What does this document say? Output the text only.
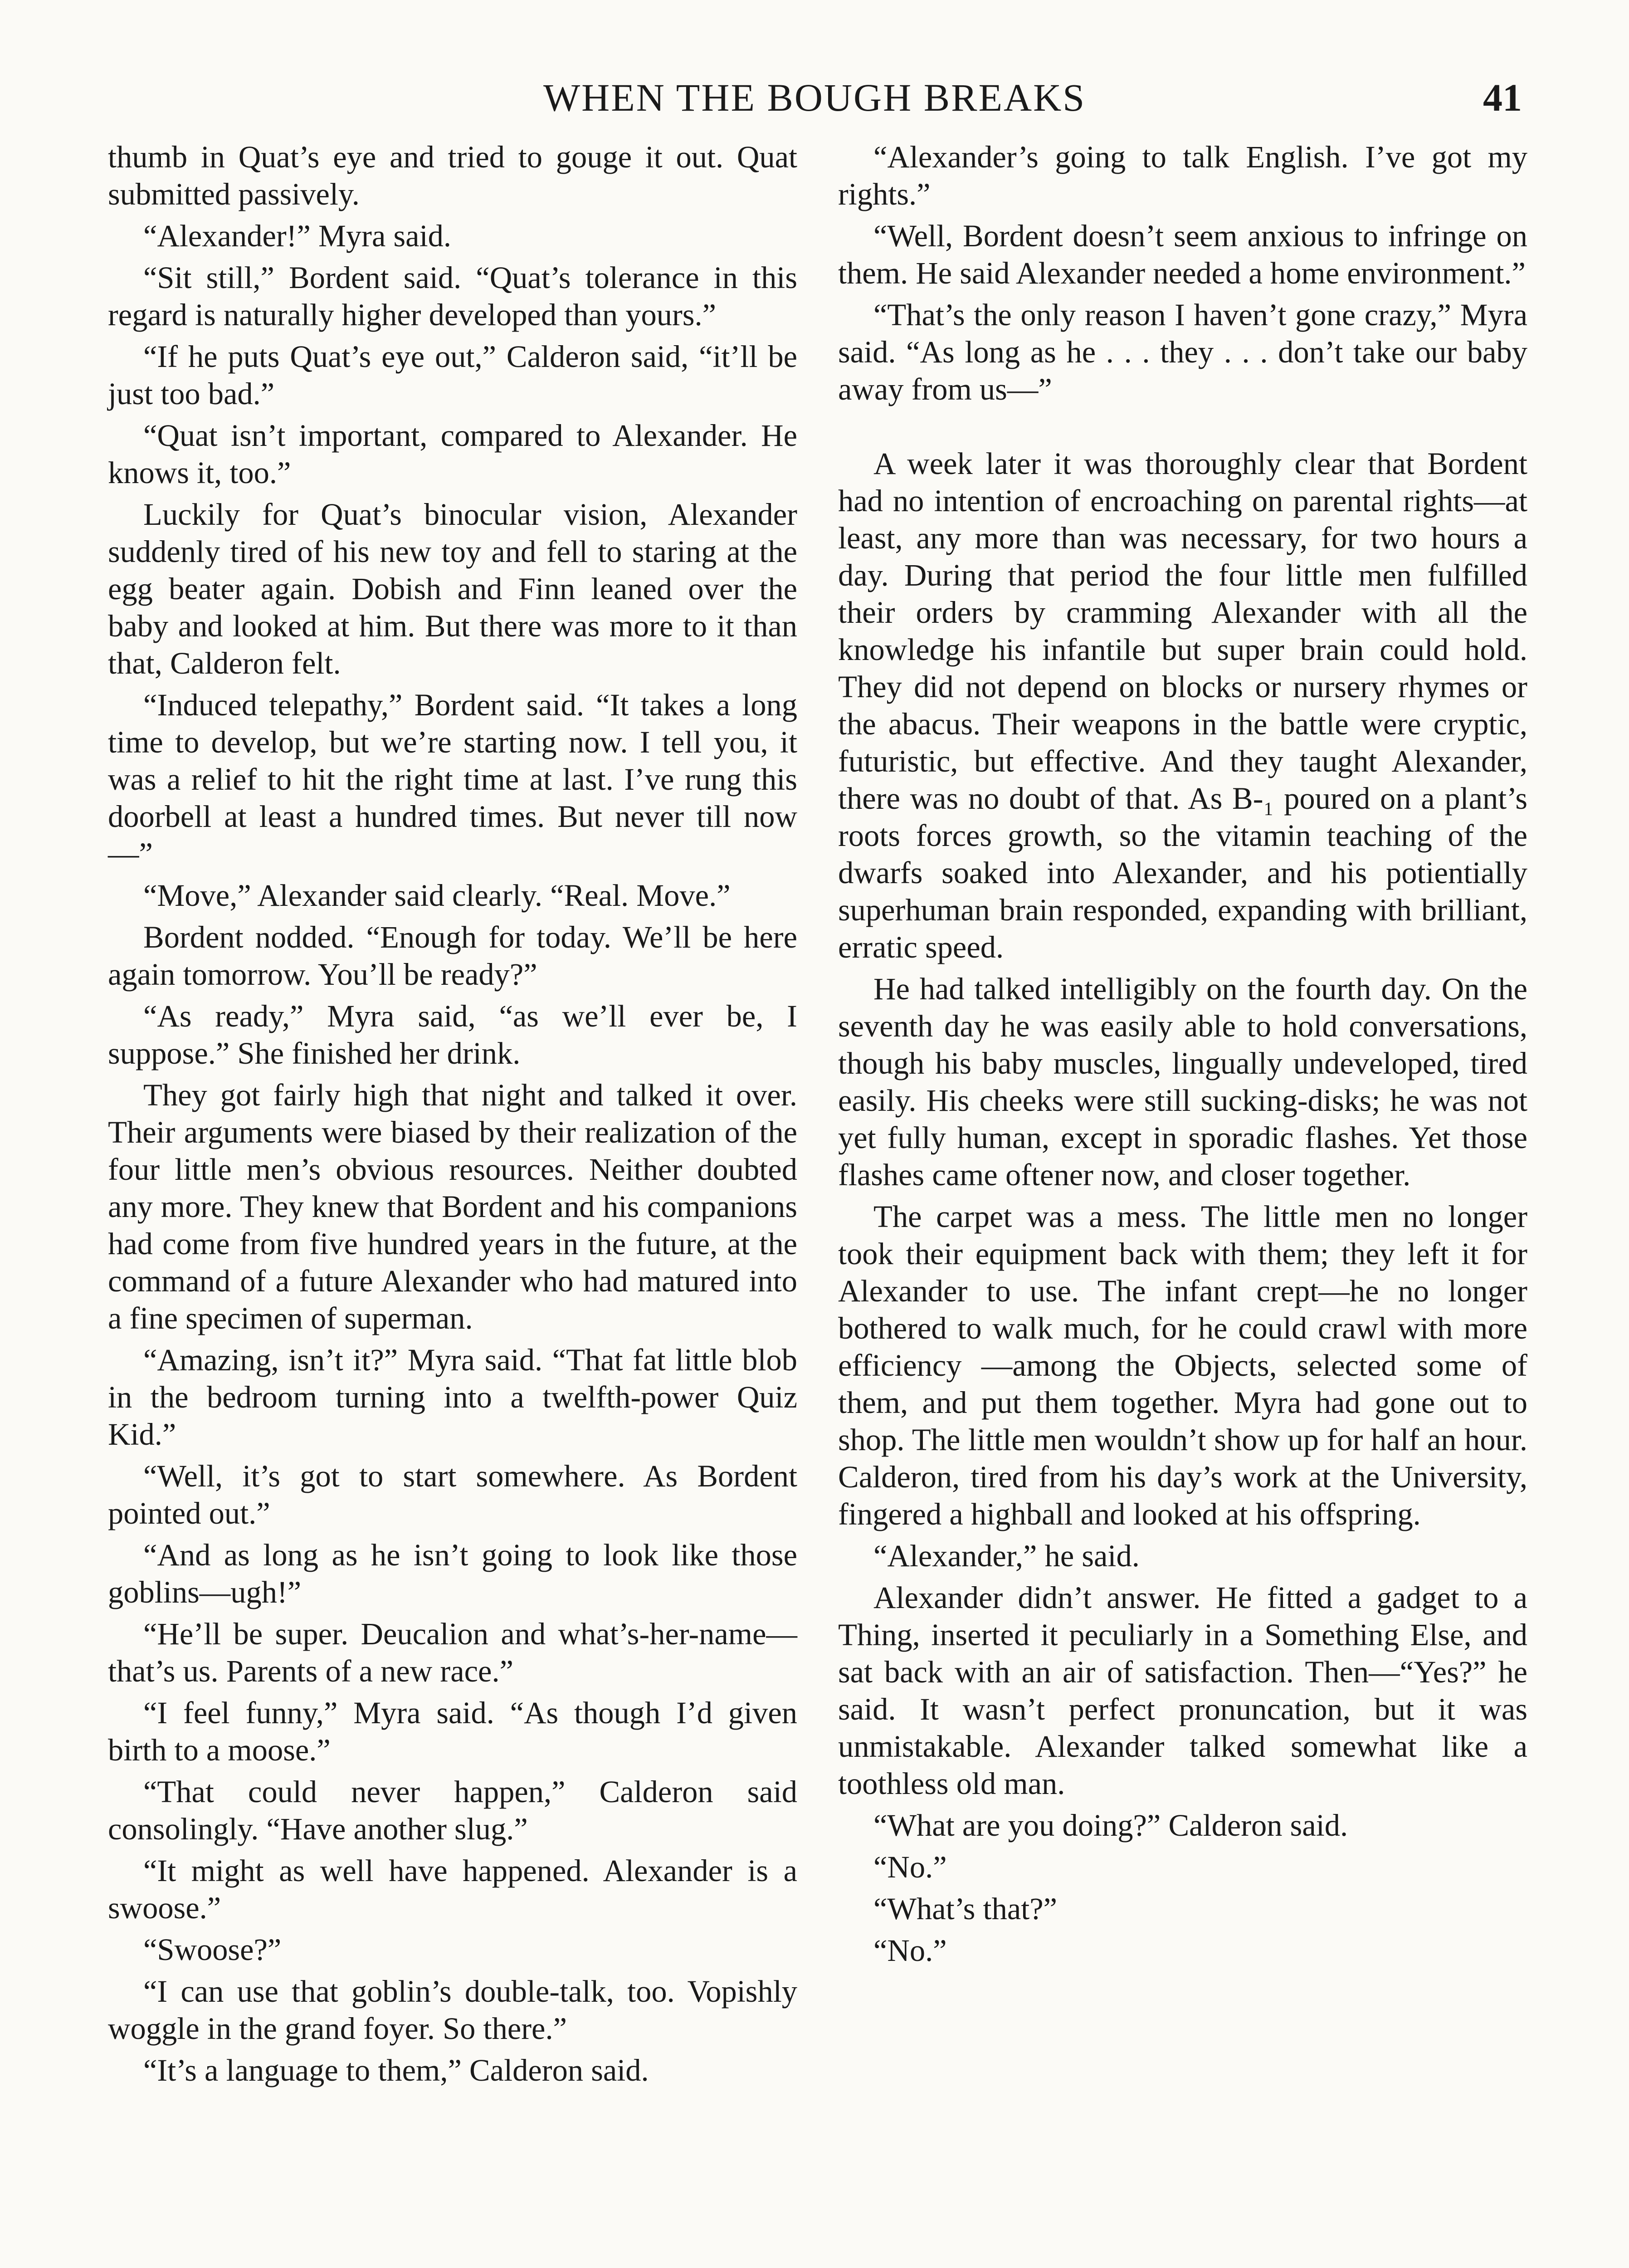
WHEN THE BOUGH BREAKS	41

thumb in Quat’s eye and tried to gouge it out. Quat submitted passively.

“Alexander!” Myra said.

“Sit still,” Bordent said. “Quat’s tolerance in this regard is naturally higher developed than yours.”

“If he puts Quat’s eye out,” Calderon said, “it’ll be just too bad.”

“Quat isn’t important, compared to Alexander. He knows it, too.”

Luckily for Quat’s binocular vision, Alexander suddenly tired of his new toy and fell to staring at the egg beater again. Dobish and Finn leaned over the baby and looked at him. But there was more to it than that, Calderon felt.

“Induced telepathy,” Bordent said. “It takes a long time to develop, but we’re starting now. I tell you, it was a relief to hit the right time at last. I’ve rung this doorbell at least a hundred times. But never till now—”

“Move,” Alexander said clearly. “Real. Move.”

Bordent nodded. “Enough for today. We’ll be here again tomorrow. You’ll be ready?”

“As ready,” Myra said, “as we’ll ever be, I suppose.” She finished her drink.

They got fairly high that night and talked it over. Their arguments were biased by their realization of the four little men’s obvious resources. Neither doubted any more. They knew that Bordent and his companions had come from five hundred years in the future, at the command of a future Alexander who had matured into a fine specimen of superman.

“Amazing, isn’t it?” Myra said. “That fat little blob in the bedroom turning into a twelfth-power Quiz Kid.”

“Well, it’s got to start somewhere. As Bordent pointed out.”

“And as long as he isn’t going to look like those goblins—ugh!”

“He’ll be super. Deucalion and what’s-her-name—that’s us. Parents of a new race.”

“I feel funny,” Myra said. “As though I’d given birth to a moose.”

“That could never happen,” Calderon said consolingly. “Have another slug.”

“It might as well have happened. Alexander is a swoose.”

“Swoose?”

“I can use that goblin’s double-talk, too. Vopishly woggle in the grand foyer. So there.”

“It’s a language to them,” Calderon said.

“Alexander’s going to talk English. I’ve got my rights.”

“Well, Bordent doesn’t seem anxious to infringe on them. He said Alexander needed a home environment.”

“That’s the only reason I haven’t gone crazy,” Myra said. “As long as he . . . they . . . don’t take our baby away from us—”

A week later it was thoroughly clear that Bordent had no intention of encroaching on parental rights—at least, any more than was necessary, for two hours a day. During that period the four little men fulfilled their orders by cramming Alexander with all the knowledge his infantile but super brain could hold. They did not depend on blocks or nursery rhymes or the abacus. Their weapons in the battle were cryptic, futuristic, but effective. And they taught Alexander, there was no doubt of that. As B-₁ poured on a plant’s roots forces growth, so the vitamin teaching of the dwarfs soaked into Alexander, and his potientially superhuman brain responded, expanding with brilliant, erratic speed.

He had talked intelligibly on the fourth day. On the seventh day he was easily able to hold conversations, though his baby muscles, lingually undeveloped, tired easily. His cheeks were still sucking-disks; he was not yet fully human, except in sporadic flashes. Yet those flashes came oftener now, and closer together.

The carpet was a mess. The little men no longer took their equipment back with them; they left it for Alexander to use. The infant crept—he no longer bothered to walk much, for he could crawl with more efficiency —among the Objects, selected some of them, and put them together. Myra had gone out to shop. The little men wouldn’t show up for half an hour. Calderon, tired from his day’s work at the University, fingered a highball and looked at his offspring.

“Alexander,” he said.

Alexander didn’t answer. He fitted a gadget to a Thing, inserted it peculiarly in a Something Else, and sat back with an air of satisfaction. Then—“Yes?” he said. It wasn’t perfect pronuncation, but it was unmistakable. Alexander talked somewhat like a toothless old man.

“What are you doing?” Calderon said.

“No.”

“What’s that?”

“No.”
